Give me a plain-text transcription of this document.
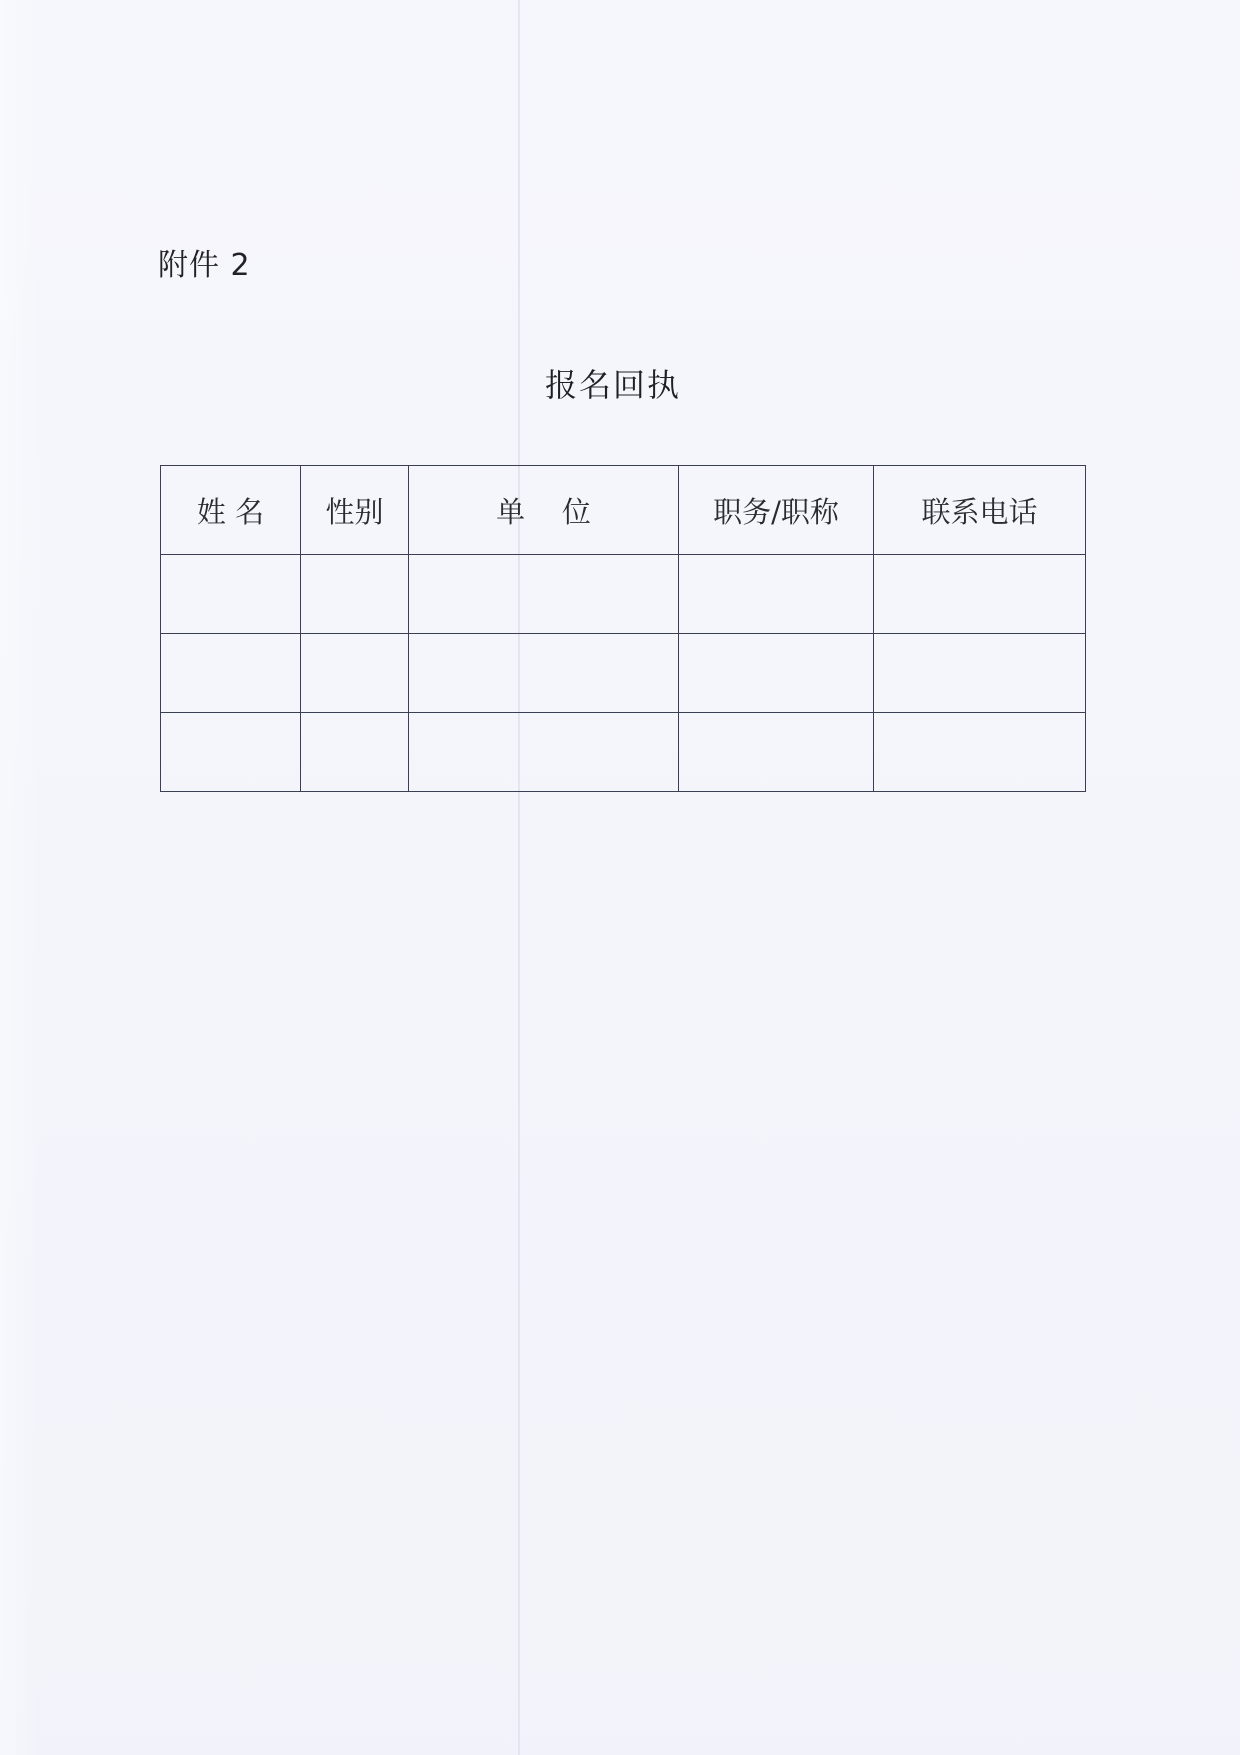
附件 2
报名回执
姓 名	性别	单    位	职务/职称	联系电话
